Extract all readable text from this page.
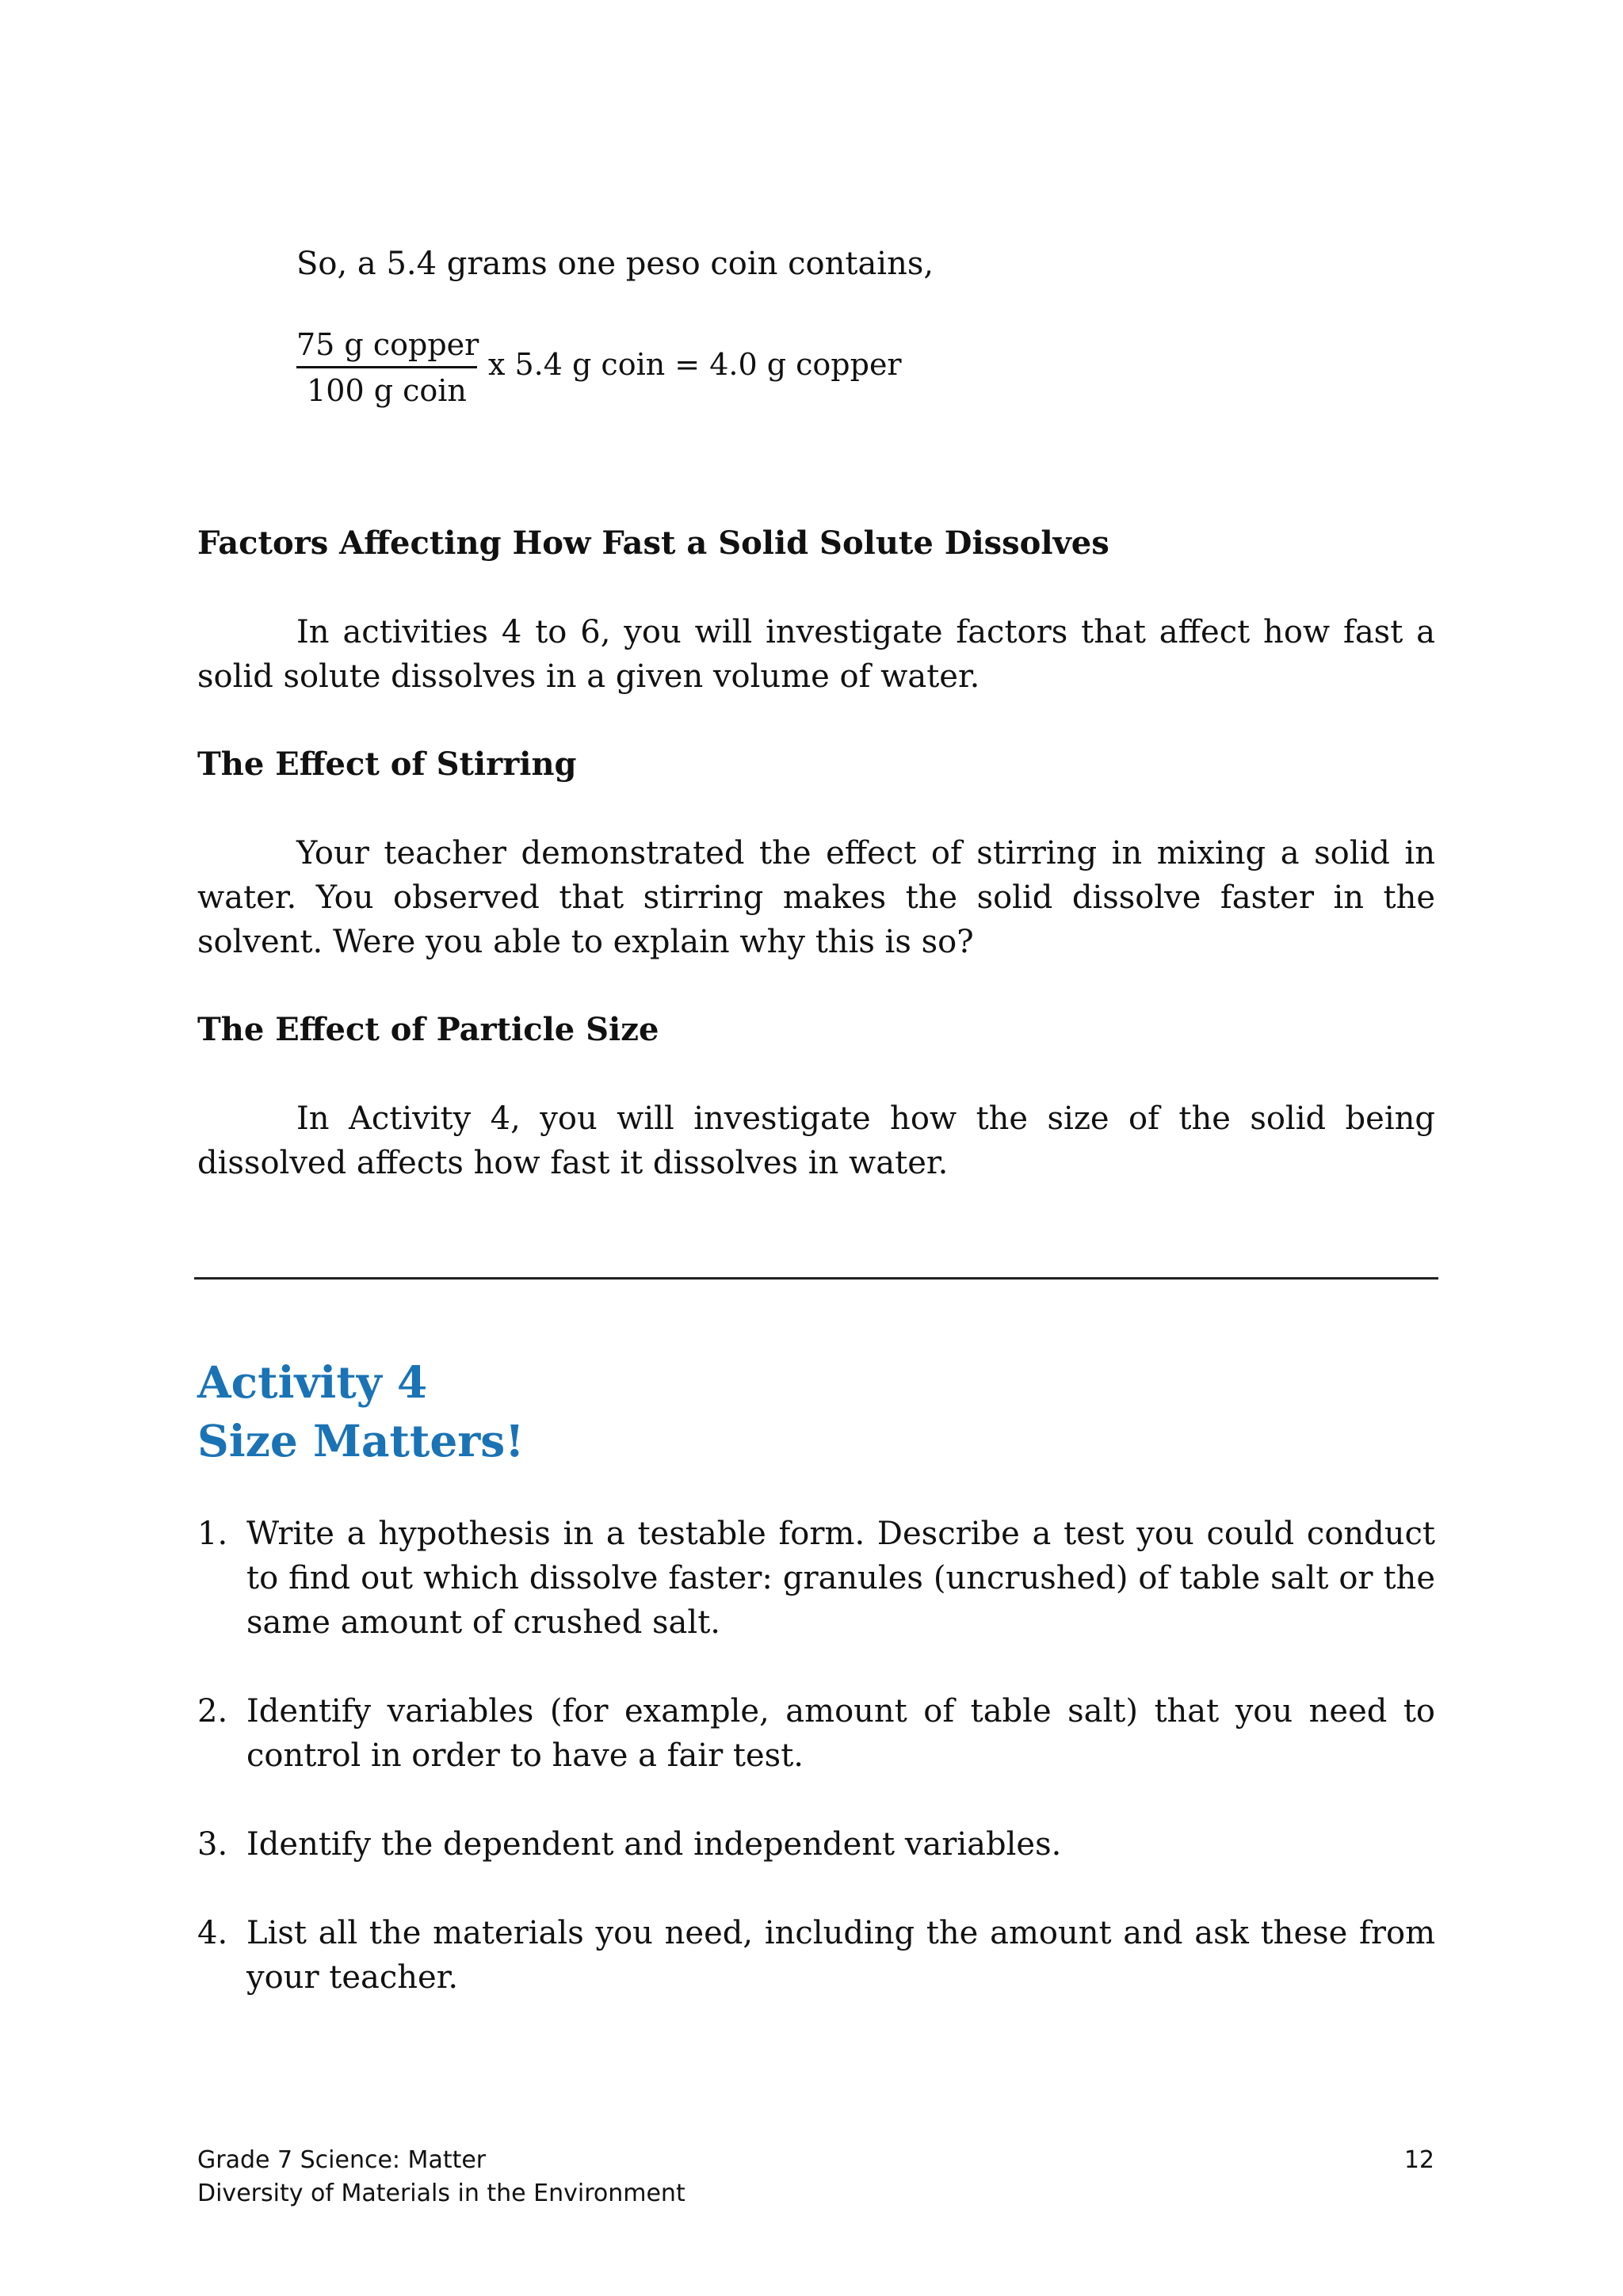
So, a 5.4 grams one peso coin contains,
75 g copper
100 g coin
x 5.4 g coin = 4.0 g copper
Factors Affecting How Fast a Solid Solute Dissolves
In activities 4 to 6, you will investigate factors that affect how fast a solid solute dissolves in a given volume of water.
The Effect of Stirring
Your teacher demonstrated the effect of stirring in mixing a solid in water. You observed that stirring makes the solid dissolve faster in the solvent. Were you able to explain why this is so?
The Effect of Particle Size
In Activity 4, you will investigate how the size of the solid being dissolved affects how fast it dissolves in water.
Activity 4
Size Matters!
1. Write a hypothesis in a testable form. Describe a test you could conduct to find out which dissolve faster: granules (uncrushed) of table salt or the same amount of crushed salt.
2. Identify variables (for example, amount of table salt) that you need to control in order to have a fair test.
3. Identify the dependent and independent variables.
4. List all the materials you need, including the amount and ask these from your teacher.
Grade 7 Science: Matter
Diversity of Materials in the Environment
12
